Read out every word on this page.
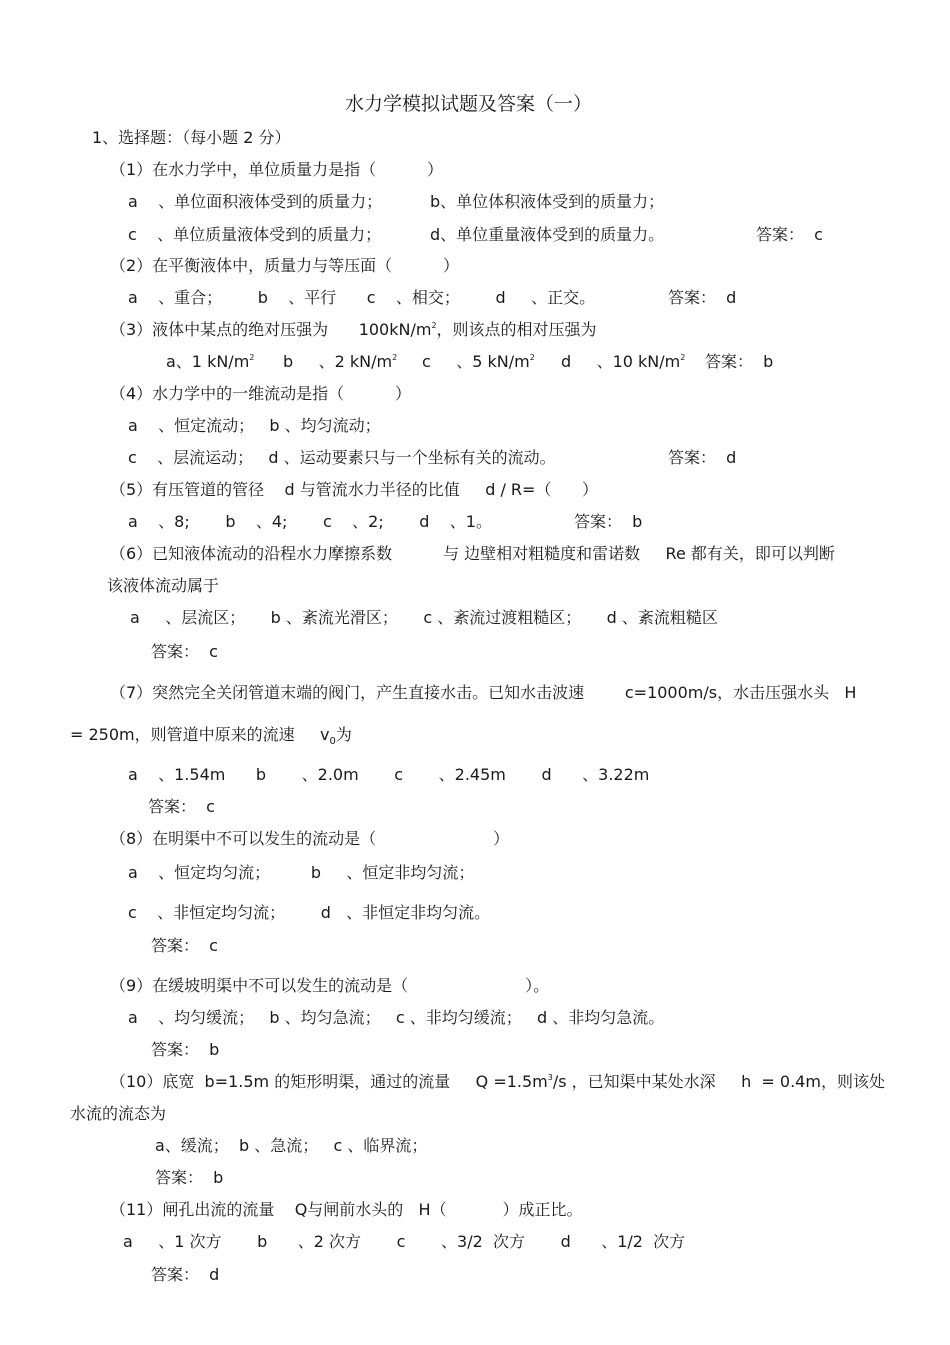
水力学模拟试题及答案（一）
1、选择题：（每小题 2 分）
（1）在水力学中，单位质量力是指（          ）
a    、单位面积液体受到的质量力；	b、单位体积液体受到的质量力；
c    、单位质量液体受到的质量力；	d、单位重量液体受到的质量力。	答案：  c
（2）在平衡液体中，质量力与等压面（          ）
a    、重合；       b    、平行      c    、相交；       d     、正交。	答案：  d
（3）液体中某点的绝对压强为      $100kN/m^2$，则该点的相对压强为
a、1 $kN/m^2$ b     、2 $kN/m^2$ c     、5 $kN/m^2$ d     、10 $kN/m^2$ 答案：  b
（4）水力学中的一维流动是指（          ）
a    、恒定流动；   b 、均匀流动；
c    、层流运动；   d 、运动要素只与一个坐标有关的流动。	答案：  d
（5）有压管道的管径    d 与管流水力半径的比值     d / R=（      ）
a    、8;       b    、4;       c    、2;       d    、1。	答案：  b
（6）已知液体流动的沿程水力摩擦系数          与 边壁相对粗糙度和雷诺数     Re 都有关，即可以判断
该液体流动属于
a     、层流区；     b 、紊流光滑区；     c 、紊流过渡粗糙区；     d 、紊流粗糙区
答案：  c
（7）突然完全关闭管道末端的阀门，产生直接水击。已知水击波速        c=1000m/s，水击压强水头   H
= 250m，则管道中原来的流速     $v_0$为
a    、1.54m      b       、2.0m       c       、2.45m       d      、3.22m
答案：  c
（8）在明渠中不可以发生的流动是（                       ）
a    、恒定均匀流；        b     、恒定非均匀流；
c    、非恒定均匀流；       d   、非恒定非均匀流。
答案：  c
（9）在缓坡明渠中不可以发生的流动是（                       ）。
a    、均匀缓流；   b 、均匀急流；   c 、非均匀缓流；   d 、非均匀急流。
答案：  b
（10）底宽  b=1.5m 的矩形明渠，通过的流量     $Q =1.5m^3/s$ ，已知渠中某处水深     h  = 0.4m，则该处
水流的流态为
a、缓流；  b 、急流；   c 、临界流；
答案：  b
（11）闸孔出流的流量    Q与闸前水头的   H（           ）成正比。
a     、1 次方       b      、2 次方       c       、3/2  次方       d      、1/2  次方
答案：  d
